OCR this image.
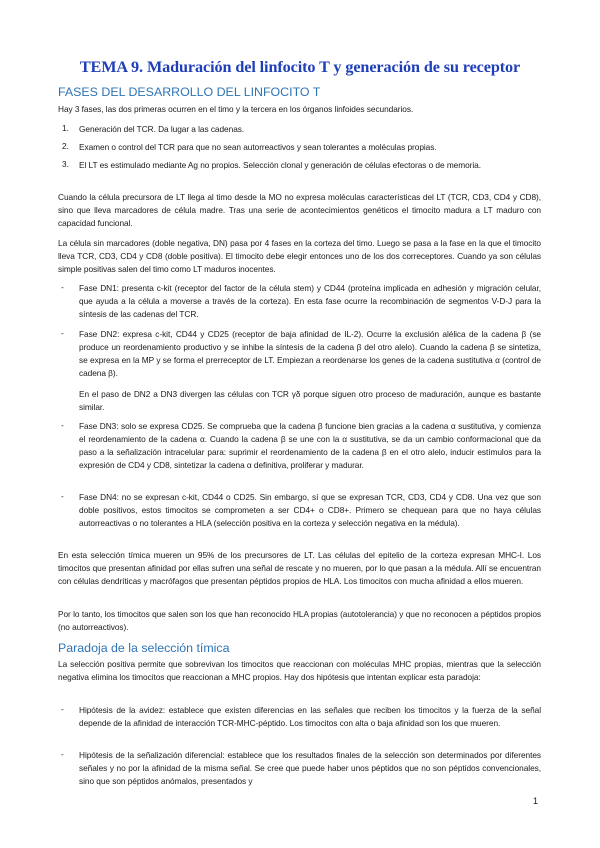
TEMA 9. Maduración del linfocito T y generación de su receptor
FASES DEL DESARROLLO DEL LINFOCITO T
Hay 3 fases, las dos primeras ocurren en el timo y la tercera en los órganos linfoides secundarios.
1. Generación del TCR. Da lugar a las cadenas.
2. Examen o control del TCR para que no sean autorreactivos y sean tolerantes a moléculas propias.
3. El LT es estimulado mediante Ag no propios. Selección clonal y generación de células efectoras o de memoria.
Cuando la célula precursora de LT llega al timo desde la MO no expresa moléculas características del LT (TCR, CD3, CD4 y CD8), sino que lleva marcadores de célula madre. Tras una serie de acontecimientos genéticos el timocito madura a LT maduro con capacidad funcional.
La célula sin marcadores (doble negativa, DN) pasa por 4 fases en la corteza del timo. Luego se pasa a la fase en la que el timocito lleva TCR, CD3, CD4 y CD8 (doble positiva). El timocito debe elegir entonces uno de los dos correceptores. Cuando ya son células simple positivas salen del timo como LT maduros inocentes.
- Fase DN1: presenta c-kit (receptor del factor de la célula stem) y CD44 (proteína implicada en adhesión y migración celular, que ayuda a la célula a moverse a través de la corteza). En esta fase ocurre la recombinación de segmentos V-D-J para la síntesis de las cadenas del TCR.
- Fase DN2: expresa c-kit, CD44 y CD25 (receptor de baja afinidad de IL-2). Ocurre la exclusión alélica de la cadena β (se produce un reordenamiento productivo y se inhibe la síntesis de la cadena β del otro alelo). Cuando la cadena β se sintetiza, se expresa en la MP y se forma el prerreceptor de LT. Empiezan a reordenarse los genes de la cadena sustitutiva α (control de cadena β).
En el paso de DN2 a DN3 divergen las células con TCR γδ porque siguen otro proceso de maduración, aunque es bastante similar.
- Fase DN3: solo se expresa CD25. Se comprueba que la cadena β funcione bien gracias a la cadena α sustitutiva, y comienza el reordenamiento de la cadena α. Cuando la cadena β se une con la α sustitutiva, se da un cambio conformacional que da paso a la señalización intracelular para: suprimir el reordenamiento de la cadena β en el otro alelo, inducir estímulos para la expresión de CD4 y CD8, sintetizar la cadena α definitiva, proliferar y madurar.
- Fase DN4: no se expresan c-kit, CD44 o CD25. Sin embargo, sí que se expresan TCR, CD3, CD4 y CD8. Una vez que son doble positivos, estos timocitos se comprometen a ser CD4+ o CD8+. Primero se chequean para que no haya células autorreactivas o no tolerantes a HLA (selección positiva en la corteza y selección negativa en la médula).
En esta selección tímica mueren un 95% de los precursores de LT. Las células del epitelio de la corteza expresan MHC-I. Los timocitos que presentan afinidad por ellas sufren una señal de rescate y no mueren, por lo que pasan a la médula. Allí se encuentran con células dendríticas y macrófagos que presentan péptidos propios de HLA. Los timocitos con mucha afinidad a ellos mueren.
Por lo tanto, los timocitos que salen son los que han reconocido HLA propias (autotolerancia) y que no reconocen a péptidos propios (no autorreactivos).
Paradoja de la selección tímica
La selección positiva permite que sobrevivan los timocitos que reaccionan con moléculas MHC propias, mientras que la selección negativa elimina los timocitos que reaccionan a MHC propios. Hay dos hipótesis que intentan explicar esta paradoja:
- Hipótesis de la avidez: establece que existen diferencias en las señales que reciben los timocitos y la fuerza de la señal depende de la afinidad de interacción TCR-MHC-péptido. Los timocitos con alta o baja afinidad son los que mueren.
- Hipótesis de la señalización diferencial: establece que los resultados finales de la selección son determinados por diferentes señales y no por la afinidad de la misma señal. Se cree que puede haber unos péptidos que no son péptidos convencionales, sino que son péptidos anómalos, presentados y
1
